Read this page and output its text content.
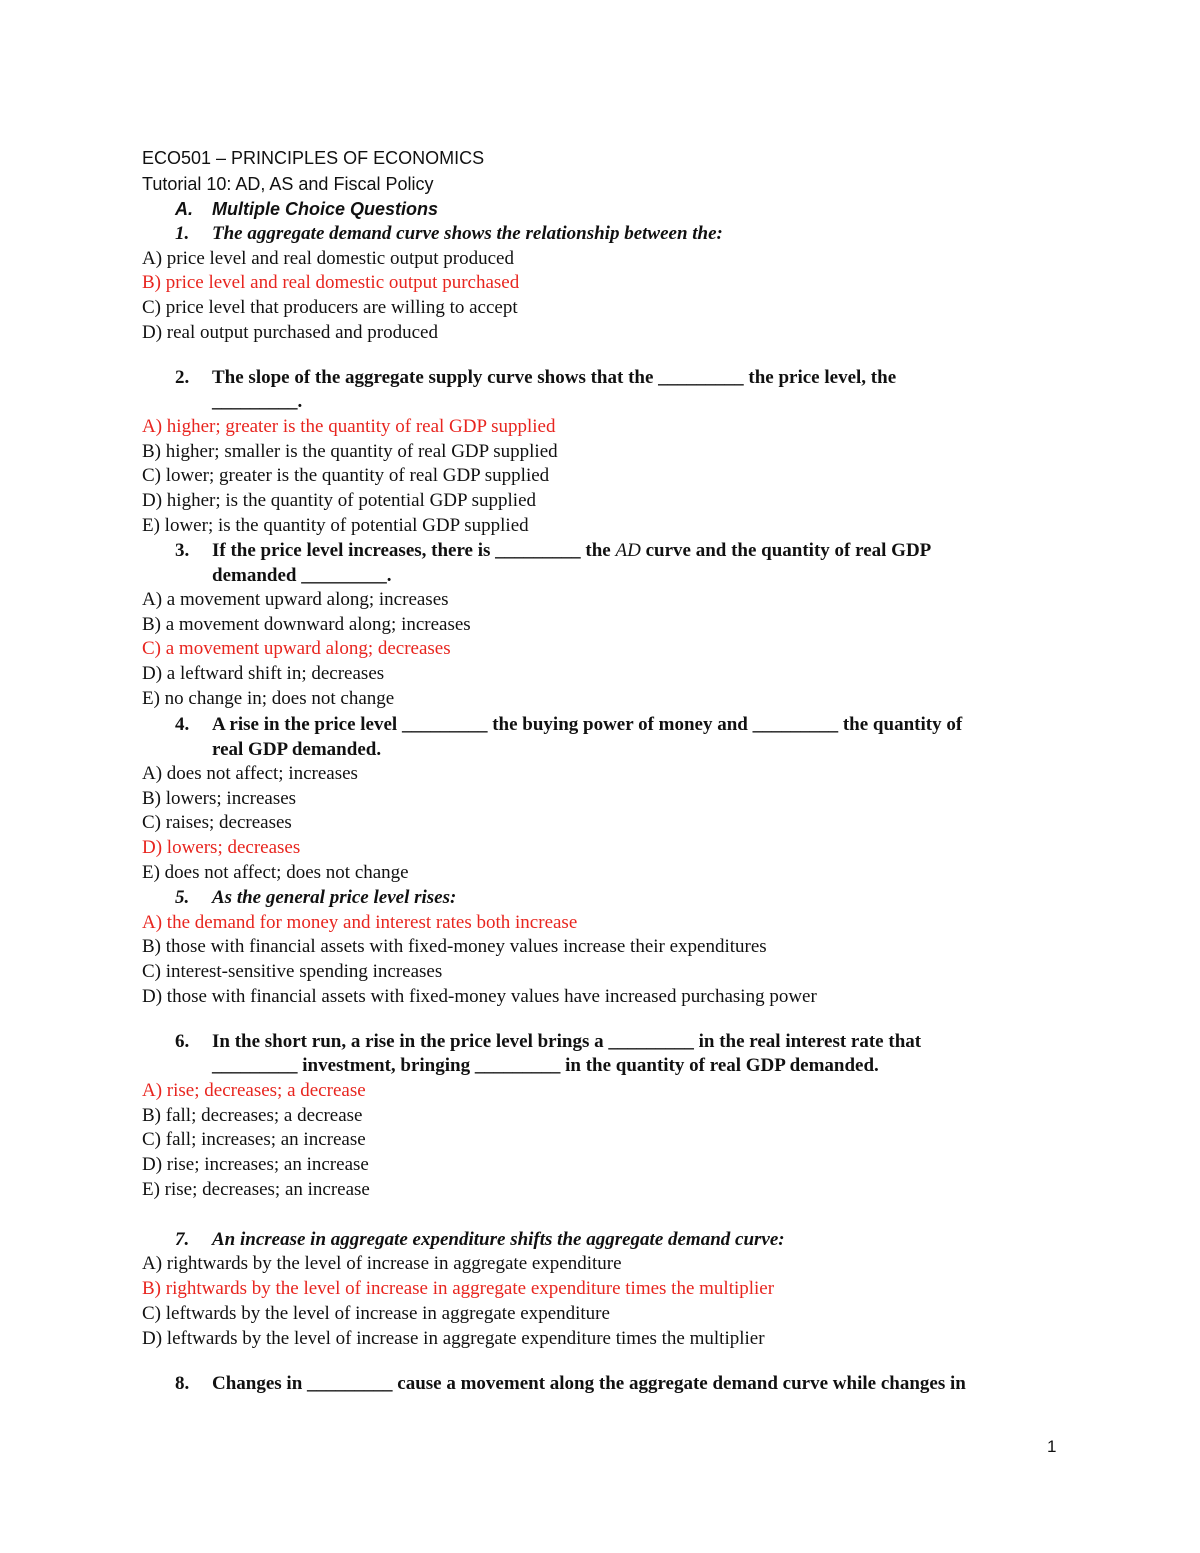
ECO501 – PRINCIPLES OF ECONOMICS
Tutorial 10: AD, AS and Fiscal Policy
A. Multiple Choice Questions
1. The aggregate demand curve shows the relationship between the:
A) price level and real domestic output produced
B) price level and real domestic output purchased
C) price level that producers are willing to accept
D) real output purchased and produced
2. The slope of the aggregate supply curve shows that the _________ the price level, the
_________.
A) higher; greater is the quantity of real GDP supplied
B) higher; smaller is the quantity of real GDP supplied
C) lower; greater is the quantity of real GDP supplied
D) higher; is the quantity of potential GDP supplied
E) lower; is the quantity of potential GDP supplied
3. If the price level increases, there is _________ the AD curve and the quantity of real GDP
demanded _________.
A) a movement upward along; increases
B) a movement downward along; increases
C) a movement upward along; decreases
D) a leftward shift in; decreases
E) no change in; does not change
4. A rise in the price level _________ the buying power of money and _________ the quantity of
real GDP demanded.
A) does not affect; increases
B) lowers; increases
C) raises; decreases
D) lowers; decreases
E) does not affect; does not change
5. As the general price level rises:
A) the demand for money and interest rates both increase
B) those with financial assets with fixed-money values increase their expenditures
C) interest-sensitive spending increases
D) those with financial assets with fixed-money values have increased purchasing power
6. In the short run, a rise in the price level brings a _________ in the real interest rate that
_________ investment, bringing _________ in the quantity of real GDP demanded.
A) rise; decreases; a decrease
B) fall; decreases; a decrease
C) fall; increases; an increase
D) rise; increases; an increase
E) rise; decreases; an increase
7. An increase in aggregate expenditure shifts the aggregate demand curve:
A) rightwards by the level of increase in aggregate expenditure
B) rightwards by the level of increase in aggregate expenditure times the multiplier
C) leftwards by the level of increase in aggregate expenditure
D) leftwards by the level of increase in aggregate expenditure times the multiplier
8. Changes in _________ cause a movement along the aggregate demand curve while changes in
1
